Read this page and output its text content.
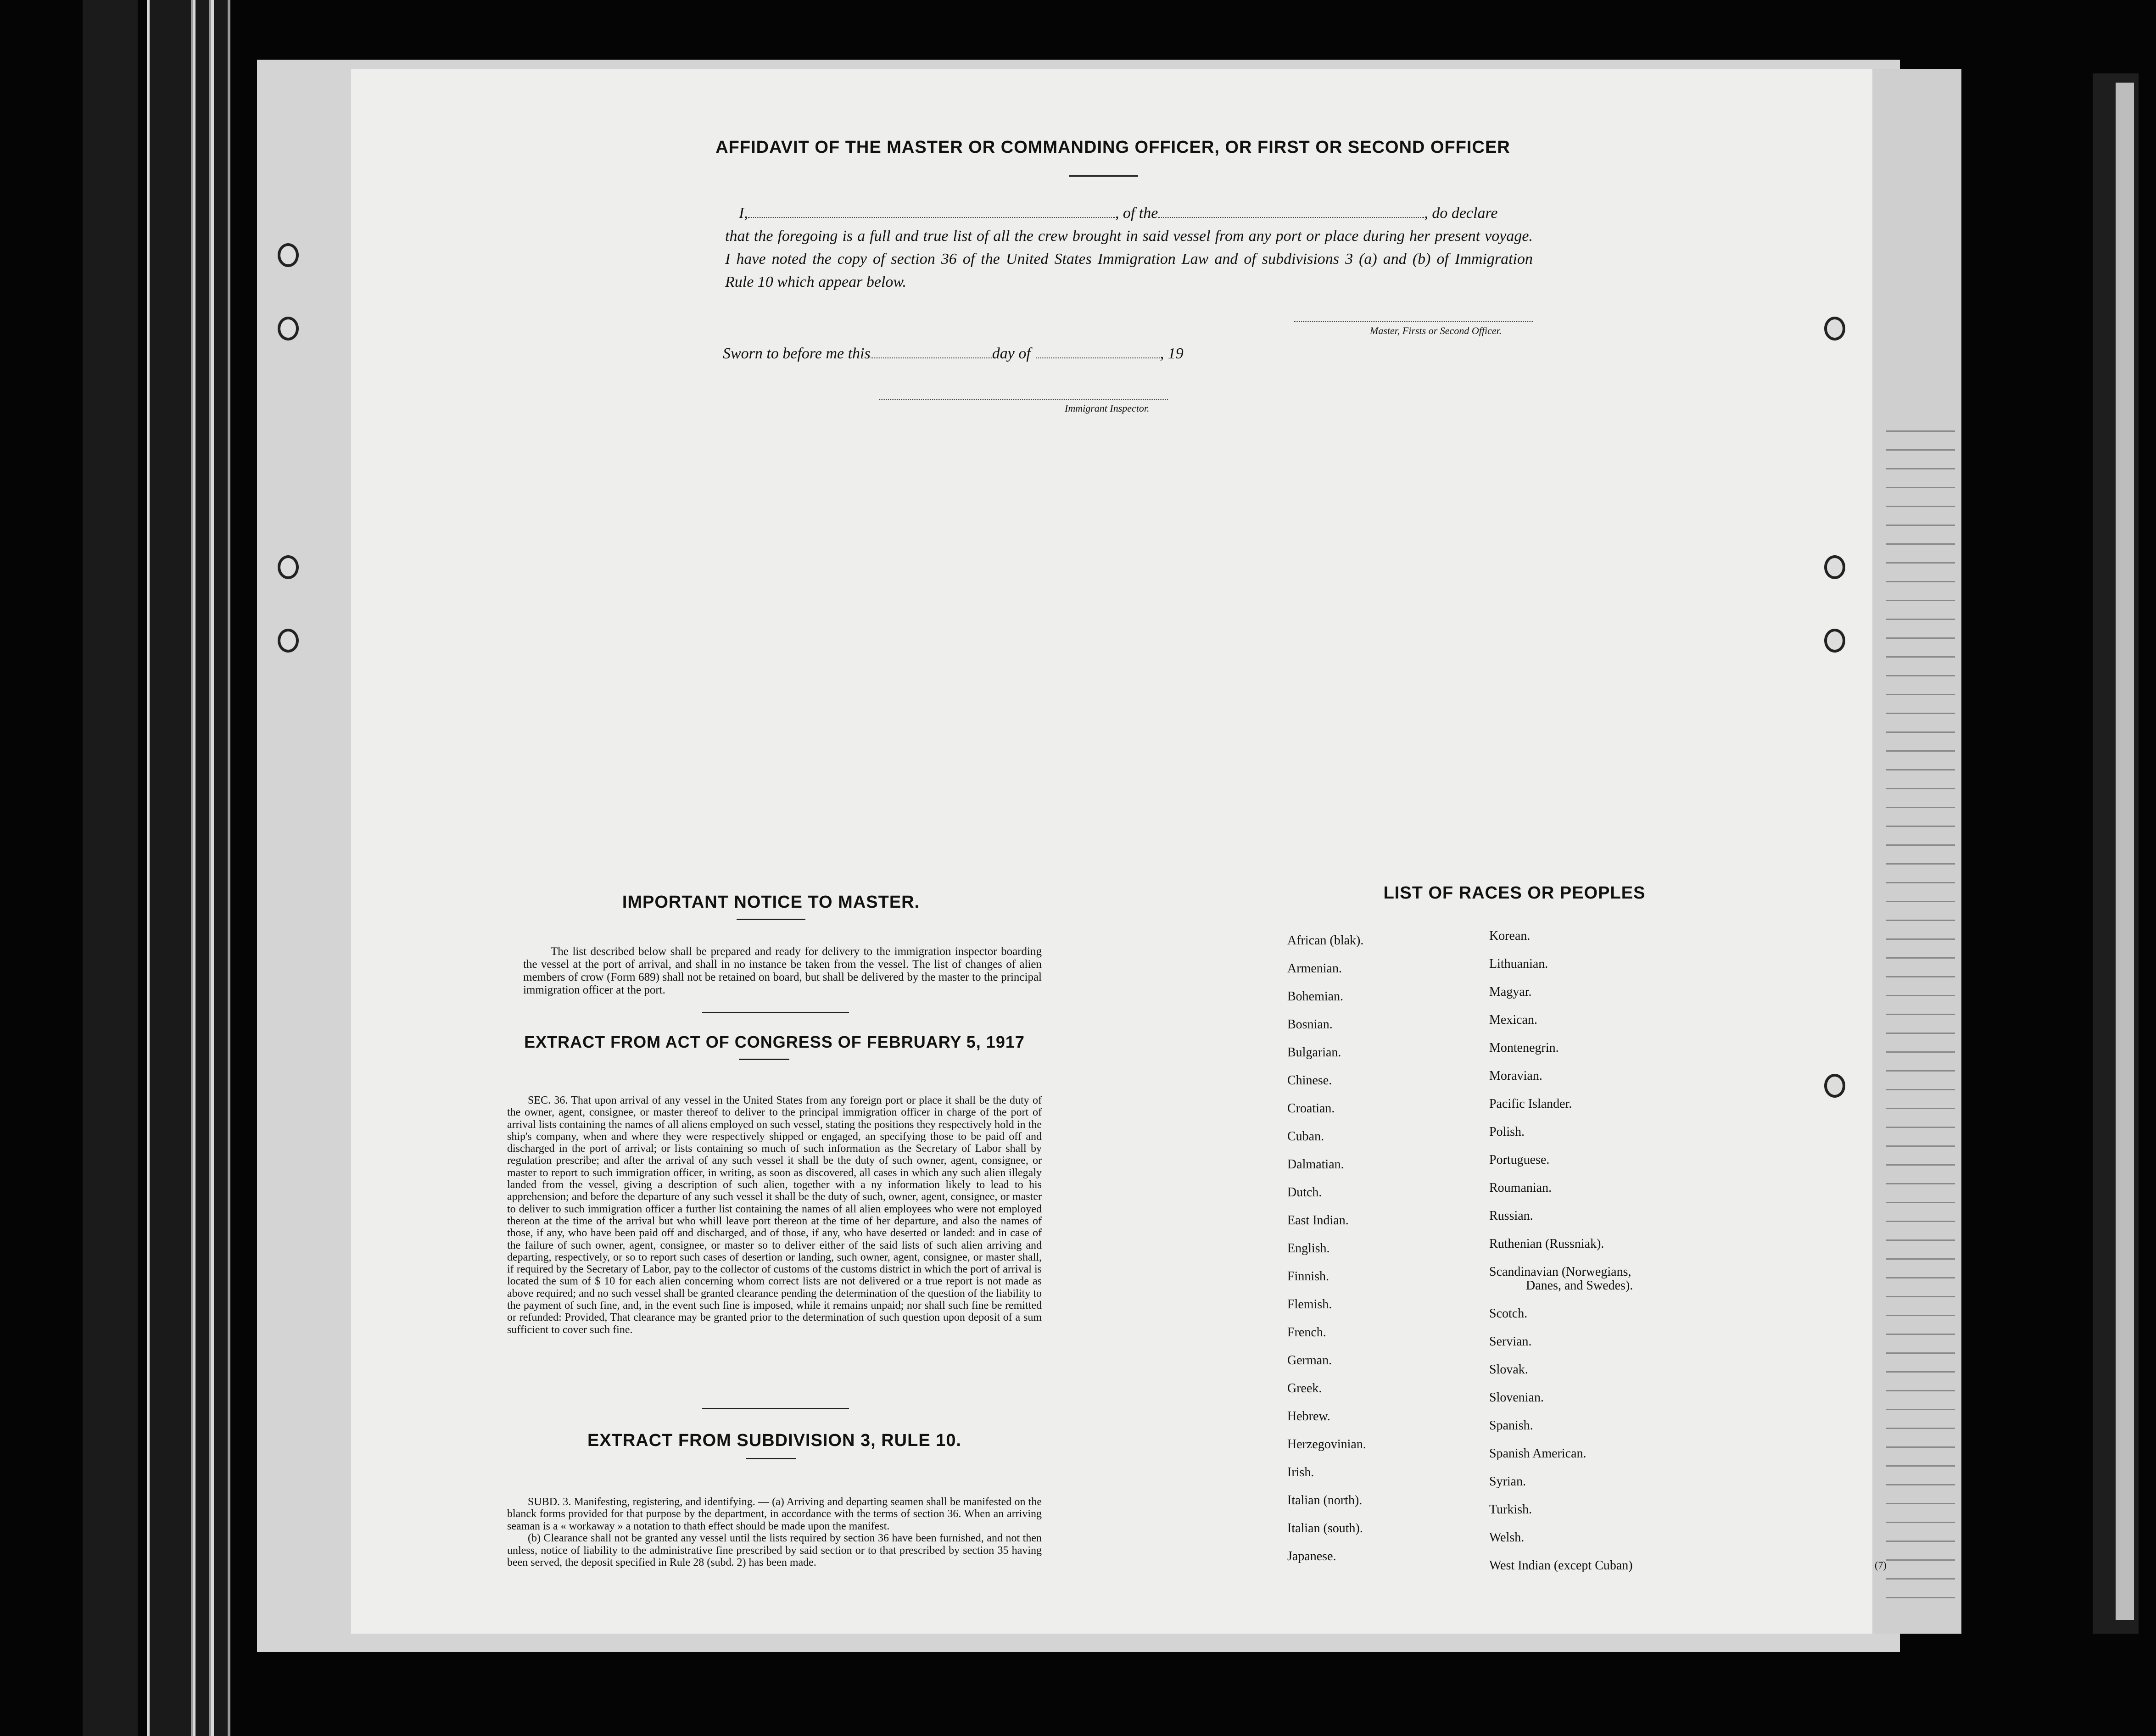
AFFIDAVIT OF THE MASTER OR COMMANDING OFFICER, OR FIRST OR SECOND OFFICER
I,	, of the	, do declare
that the foregoing is a full and true list of all the crew brought in said vessel from any port or place during her present voyage.
I have noted the copy of section 36 of the United States Immigration Law and of subdivisions 3 (a) and (b) of Immigration
Rule 10 which appear below.
Master, Firsts or Second Officer.
Sworn to before me this	day of	, 19
Immigrant Inspector.
IMPORTANT NOTICE TO MASTER.
The list described below shall be prepared and ready for delivery to the immigration inspector boarding the vessel at the port of arrival, and shall in no instance be taken from the vessel. The list of changes of alien members of crow (Form 689) shall not be retained on board, but shall be delivered by the master to the principal immigration officer at the port.
EXTRACT FROM ACT OF CONGRESS OF FEBRUARY 5, 1917
SEC. 36. That upon arrival of any vessel in the United States from any foreign port or place it shall be the duty of the owner, agent, consignee, or master thereof to deliver to the principal immigration officer in charge of the port of arrival lists containing the names of all aliens employed on such vessel, stating the positions they respectively hold in the ship's company, when and where they were respectively shipped or engaged, an specifying those to be paid off and discharged in the port of arrival; or lists containing so much of such information as the Secretary of Labor shall by regulation prescribe; and after the arrival of any such vessel it shall be the duty of such owner, agent, consignee, or master to report to such immigration officer, in writing, as soon as discovered, all cases in which any such alien illegaly landed from the vessel, giving a description of such alien, together with a ny information likely to lead to his apprehension; and before the departure of any such vessel it shall be the duty of such, owner, agent, consignee, or master to deliver to such immigration officer a further list containing the names of all alien employees who were not employed thereon at the time of the arrival but who whill leave port thereon at the time of her departure, and also the names of those, if any, who have been paid off and discharged, and of those, if any, who have deserted or landed: and in case of the failure of such owner, agent, consignee, or master so to deliver either of the said lists of such alien arriving and departing, respectively, or so to report such cases of desertion or landing, such owner, agent, consignee, or master shall, if required by the Secretary of Labor, pay to the collector of customs of the customs district in which the port of arrival is located the sum of $ 10 for each alien concerning whom correct lists are not delivered or a true report is not made as above required; and no such vessel shall be granted clearance pending the determination of the question of the liability to the payment of such fine, and, in the event such fine is imposed, while it remains unpaid; nor shall such fine be remitted or refunded: Provided, That clearance may be granted prior to the determination of such question upon deposit of a sum sufficient to cover such fine.
EXTRACT FROM SUBDIVISION 3, RULE 10.

SUBD. 3. Manifesting, registering, and identifying. — (a) Arriving and departing seamen shall be manifested on the blanck forms provided for that purpose by the department, in accordance with the terms of section 36. When an arriving seaman is a « workaway » a notation to thath effect should be made upon the manifest.

(b) Clearance shall not be granted any vessel until the lists required by section 36 have been furnished, and not then unless, notice of liability to the administrative fine prescribed by said section or to that prescribed by section 35 having been served, the deposit specified in Rule 28 (subd. 2) has been made.

LIST OF RACES OR PEOPLES
African (blak).
Armenian.
Bohemian.
Bosnian.
Bulgarian.
Chinese.
Croatian.
Cuban.
Dalmatian.
Dutch.
East Indian.
English.
Finnish.
Flemish.
French.
German.
Greek.
Hebrew.
Herzegovinian.
Irish.
Italian (north).
Italian (south).
Japanese.
Korean.
Lithuanian.
Magyar.
Mexican.
Montenegrin.
Moravian.
Pacific Islander.
Polish.
Portuguese.
Roumanian.
Russian.
Ruthenian (Russniak).
Scandinavian (Norwegians,
Danes, and Swedes).
Scotch.
Servian.
Slovak.
Slovenian.
Spanish.
Spanish American.
Syrian.
Turkish.
Welsh.
West Indian (except Cuban)	(7)
